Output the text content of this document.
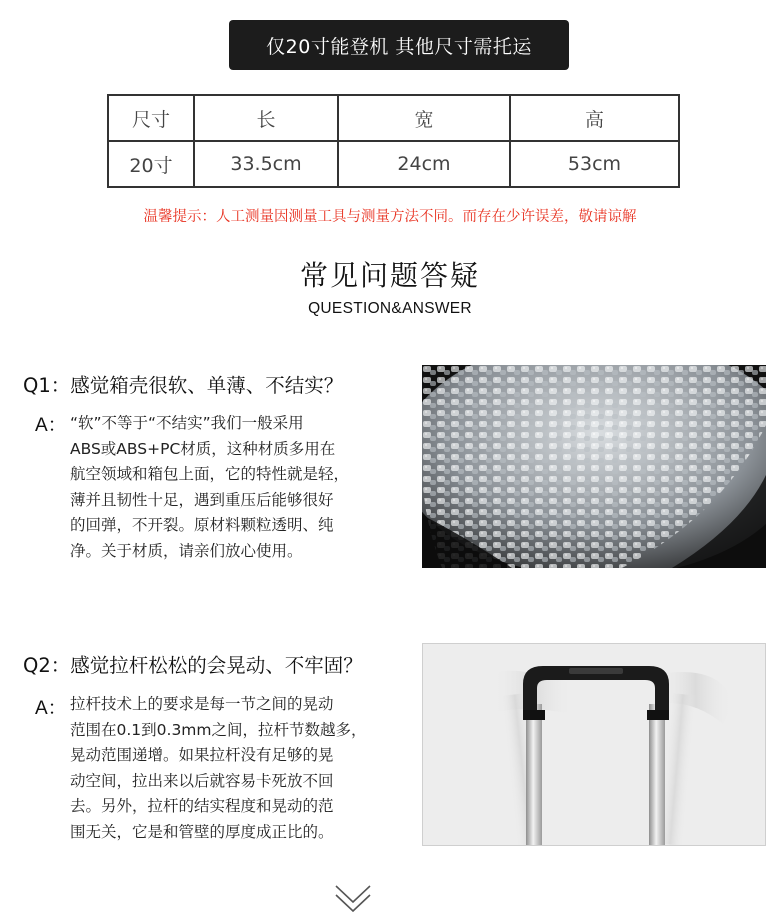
仅20寸能登机 其他尺寸需托运
尺寸	长	宽	高
20寸	33.5cm	24cm	53cm
温馨提示：人工测量因测量工具与测量方法不同。而存在少许误差，敬请谅解
常见问题答疑
QUESTION&ANSWER
Q1：感觉箱壳很软、单薄、不结实？
A： “软”不等于“不结实”我们一般采用
ABS或ABS+PC材质，这种材质多用在
航空领域和箱包上面，它的特性就是轻，
薄并且韧性十足，遇到重压后能够很好
的回弹，不开裂。原材料颗粒透明、纯
净。关于材质，请亲们放心使用。
Q2：感觉拉杆松松的会晃动、不牢固？
A： 拉杆技术上的要求是每一节之间的晃动
范围在0.1到0.3mm之间，拉杆节数越多，
晃动范围递增。如果拉杆没有足够的晃
动空间，拉出来以后就容易卡死放不回
去。另外，拉杆的结实程度和晃动的范
围无关，它是和管壁的厚度成正比的。
